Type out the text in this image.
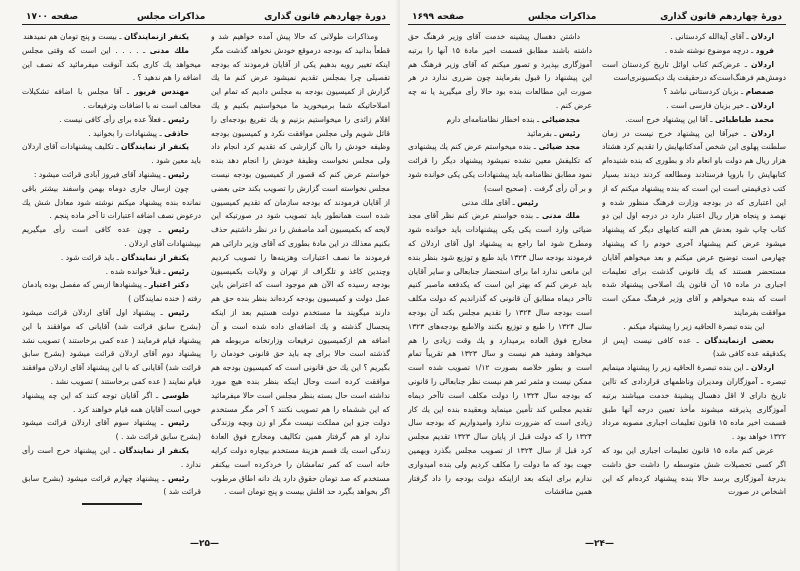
دورهٔ چهاردهم قانون گذاری
مذاکرات مجلس
صفحه ۱۷۰۰

ومذاکرات طولانی که حالا پیش آمده خواهیم شد و قطعاً بدانید که بودجه درموقع خودش نخواهد گذشت مگر اینکه تغییر رویه بدهیم یکی از آقایان فرمودند که بودجه تفصیلی چرا بمجلس تقدیم نمیشود عرض کنم ما یك گزارش از کمیسیون بودجه به مجلس دادیم که تمام این اصلاحاتیکه شما برمیخورید ما میخواستیم بکنیم و یك اقلام زائدی را میخواستیم بزنیم و یك تفریغ بودجه‌ای را قائل شویم ولی مجلس موافقت نکرد و کمیسیون بودجه وظیفه خودش را باآن گزارشی که تقدیم کرد انجام داد ولی مجلس نخواست وظیفهٔ خودش را انجام دهد بنده خواستم عرض کنم که قصور از کمیسیون بودجه نیست مجلس نخواسته است گزارش را تصویب بکند حتی بعضی از آقایان فرمودند که بودجه سازمان که تقدیم کمیسیون شده است همانطور باید تصویب شود در صورتیکه این لایحه که بکمیسیون آمد ماصفش را در نظر داشتیم حذف بکنیم معذلك در این مادهٔ بطوری که آقای وزیر دارائی هم فرمودند ما نصف اعتبارات وهزینه‌ها را تصویب کردیم وچندین کاغذ و تلگراف از تهران و ولایات بکمیسیون بودجه رسیده که الآن هم موجود است که اعتراض باین عمل دولت و کمیسیون بودجه کرده‌اند بنظر بنده حق هم دارند میگویند ما مستخدم دولت هستیم بعد از اینکه پنجسال گذشته و یك اضافه‌ای داده شده است و آن اضافه هم ازکمیسیون ترفیعات وزارتخانه مربوطه هم گذشته است حالا برای چه باید حق قانونی خودمان را بگیریم ؟ این یك حق قانونی است که کمیسیون بودجه هم موافقت کرده است وحال اینکه بنظر بنده هیچ مورد نداشته است حال بسته بنظر مجلس است حالا میفرمائید که این ششماه را هم تصویب نکنند ؟ آخر مگر مستخدم دولت جزو این مملکت نیست مگر او زن وبچه وزندگی ندارد او هم گرفتار همین تکالیف ومخارج فوق العادهٔ زندگی است یك قسم هزینهٔ مستخدم بیچاره دولت کرایه خانه است که کمر تمامشان را خردکرده است بیکنفر مستخدم که صد تومان حقوق دارد یك دانه اطاق مرطوب اگر بخواهد بگیرد حد اقلش بیست و پنج تومان است .

یکنفر ازنمایندگان ـ بیست و پنج تومان هم نمیدهند

ملك مدنی ـ . . . . این است که وقتی مجلس میخواهد یك کاری بکند آنوقت میفرمائید که نصف این اضافه را هم ندهید ؟ .

مهندس فریور ـ آقا مجلس با اضافه تشکیلات مخالف است نه با اضافات وترفیعات .

رئیس ـ فعلاً عده برای رأی کافی نیست .

حاذقی ـ پیشنهادات را بخوانید .

یکنفر از نمایندگان ـ تکلیف پیشنهادات آقای اردلان باید معین شود .

رئیس ـ پیشنهاد آقای فیروز آبادی قرائت میشود :

چون ازسال جاری دوماه بهمن واسفند بیشتر باقی نمانده بنده پیشنهاد میکنم نوشته شود معادل شش یك درعوض نصف اضافه اعتبارات تا آخر ماده پنجم .

رئیس ـ چون عده کافی است رأی میگیریم بپیشنهادات آقای اردلان .

یکنفر از نمایندگان ـ باید قرائت شود .

رئیس ـ قبلاً خوانده شده .

دکتر اعتبار ـ پیشنهادها ازبس که مفصل بوده یادمان رفته ( خنده نمایندگان )

رئیس ـ پیشنهاد اول آقای اردلان قرائت میشود (بشرح سابق قرائت شد) آقایانی که موافقند با این پیشنهاد قیام فرمایند ( عده کمی برخاستند ) تصویب نشد پیشنهاد دوم آقای اردلان قرائت میشود (بشرح سابق قرائت شد) آقایانی که با این پیشنهاد آقای اردلان موافقند قیام نمایند ( عده کمی برخاستند ) تصویب نشد .

طوسی ـ اگر آقایان توجه کنند که این چه پیشنهاد خوبی است آقایان همه قیام خواهند کرد .

رئیس ـ پیشنهاد سوم آقای اردلان قرائت میشود (بشرح سابق قرائت شد . )

یکنفر از نمایندگان ـ این پیشنهاد خرج است رأی ندارد .

رئیس ـ پیشنهاد چهارم قرائت میشود (بشرح سابق قرائت شد )

—۲۵—
دورهٔ چهاردهم قانون گذاری
مذاکرات مجلس
صفحه ۱۶۹۹

اردلان ـ آقای آیةالله کردستانی .

فرود ـ درچه موضوع نوشته شده .

اردلان ـ عرض‌کنم کتاب اوائل تاریخ کردستان است دومش‌هم فرهنگ‌است‌که درحقیقت یك دیکسیونری‌است

صمصام ـ بزبان کردستانی نباشد ؟

اردلان ـ خیر بزبان فارسی است .

محمد طباطبائی ـ آقا این پیشنهاد خرج است.

اردلان ـ خیرآقا این پیشنهاد خرج نیست در زمان سلطنت پهلوی این شخص آمدکتابهایش را تقدیم کرد هشتاد هزار ریال هم دولت باو انعام داد و بطوری که بنده شنیده‌ام کتابهایش را باروپا فرستادند ومطالعه کردند دیدند بسیار کتب ذی‌قیمتی است این است که بنده پیشنهاد میکنم که از این اعتباری که در بودجه وزارت فرهنگ منظور شده و نهصد و پنجاه هزار ریال اعتبار دارد در درجه اول این دو کتاب چاپ شود بعدش هم البته کتابهای دیگر که پیشنهاد میشود عرض کنم پیشنهاد آخری خودم را که پیشنهاد چهارمی است توضیح عرض میکنم و بعد میخواهم آقایان مستحضر هستند که یك قانونی گذشت برای تعلیمات اجباری در ماده ۱۵ آن قانون یك اصلاحی پیشنهاد شده است که بنده میخواهم و آقای وزیر فرهنگ ممکن است موافقت بفرمایند

این بنده تبصرهٔ الحاقیه زیر را پیشنهاد میکنم .

بعضی ازنمایندگان ـ عده کافی نیست (پس از یکدقیقه عده کافی شد)

اردلان ـ این بنده تبصرهٔ الحاقیه زیر را پیشنهاد مینمایم تبصره ـ آموزگاران ومدیران وناظمهای قراردادی که تااین تاریخ دارای لا اقل دهسال پیشینهٔ خدمت میباشند برتبه آموزگاری پذیرفته میشوند مأخذ تعیین درجه آنها طبق قسمت اخیر ماده ۱۵ قانون تعلیمات اجباری مصوبه مرداد ۱۳۲۲ خواهد بود .

عرض کنم ماده ۱۵ قانون تعلیمات اجباری این بود که اگر کسی تحصیلات شش متوسطه را داشت حق داشت بدرجهٔ آموزگاری برسد حالا بنده پیشنهاد کرده‌ام که این اشخاص در صورت

داشتن دهسال پیشینه خدمت آقای وزیر فرهنگ حق داشته باشند مطابق قسمت اخیر مادهٔ ۱۵ آنها را برتبه آموزگاری بپذیرد و تصور میکنم که آقای وزیر فرهنگ هم این پیشنهاد را قبول بفرمایند چون ضرری ندارد در هر صورت این مطالعات بنده بود حالا رأی میگیرید یا نه چه عرض کنم .

مجدضیائی ـ بنده اخطار نظامنامه‌ای دارم

رئیس ـ بفرمائید

مجد ضیائی ـ بنده میخواستم عرض کنم یك پیشنهادی که تکلیفش معین نشده نمیشود پیشنهاد دیگر را قرائت نمود مطابق نظامنامه باید پیشنهادات یکی یکی خوانده شود و بر آن رأی گرفت . (صحیح است)

رئیس ـ آقای ملك مدنی

ملك مدنی ـ بنده خواستم عرض کنم نظر آقای مجد ضیائی وارد است یکی یکی پیشنهادات باید خوانده شود ومطرح شود اما راجع به پیشنهاد اول آقای اردلان که فرمودند بودجه سال ۱۳۲۳ باید طبع و توزیع شود بنظر بنده این مانعی ندارد اما برای استحضار جنابعالی و سایر آقایان باید عرض کنم که بهتر این است که یکدفعه ماصبر کنیم تاآخر دیماه مطابق آن قانونی که گذراندیم که دولت مکلف است بودجه سال ۱۳۲۴ را تقدیم مجلس بکند آن بودجه سال ۱۳۲۴ را طبع و توزیع بکنند والاطبع بودجه‌های ۱۳۲۳ مخارج فوق العاده برمیدارد و یك وقت زیادی را هم میخواهد ومفید هم نیست و سال ۱۳۲۳ هم تقریباً تمام است و بطور خلاصه بصورت ۱/۱۲ تصویب شده است ممکن نیست و مثمر ثمر هم نیست نظر جنابعالی را قانونی که بودجه سال ۱۳۲۴ را دولت مکلف است تاآخر دیماه تقدیم مجلس کند تأمین مینماید وبعقیده بنده این یك کار زیادی است که ضرورت ندارد وامیدواریم که بودجه سال ۱۳۲۴ را که دولت قبل از پایان سال ۱۳۲۳ تقدیم مجلس کرد قبل از سال ۱۳۲۴ از تصویب مجلس بگذرد وبهمین جهت بود که ما دولت را مکلف کردیم ولی بنده امیدواری ندارم برای اینکه بعد ازاینکه دولت بودجه را داد گرفتار همین مناقشات

—۲۴—
